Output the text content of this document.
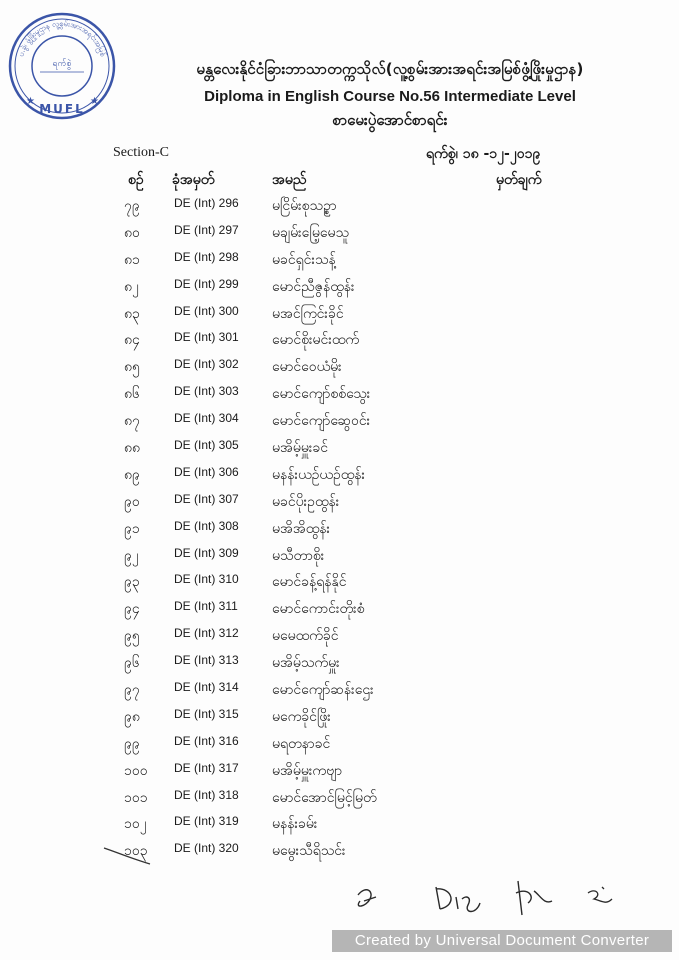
ပ.ခွဲ၊ ဖွံ့ဖြိုးမှုဌာန လူ့စွမ်းအားအရင်းအမြစ်
ရက်စွဲ
MUFL
★	★
မန္တလေးနိုင်ငံခြားဘာသာတက္ကသိုလ်(လူ့စွမ်းအားအရင်းအမြစ်ဖွံ့ဖြိုးမှုဌာန)
Diploma in English Course No.56 Intermediate Level
စာမေးပွဲအောင်စာရင်း
Section-C	ရက်စွဲ၊ ၁၈ -၁၂-၂၀၁၉
စဉ် ခုံအမှတ်	အမည်	မှတ်ချက်
၇၉	DE (Int) 296 မငြိမ်းစုသဥ္စာ
၈၀	DE (Int) 297 မချမ်းမြေ့မေသူ
၈၁	DE (Int) 298 မခင်ရှင်းသန့်
၈၂	DE (Int) 299 မောင်ညီဇွန်ထွန်း
၈၃	DE (Int) 300 မအင်ကြင်းခိုင်
၈၄	DE (Int) 301 မောင်စိုးမင်းထက်
၈၅	DE (Int) 302 မောင်ဝေယံမိုး
၈၆	DE (Int) 303 မောင်ကျော်စစ်သွေး
၈၇	DE (Int) 304 မောင်ကျော်ဆွေဝင်း
၈၈	DE (Int) 305 မအိမ့်မှူးခင်
၈၉	DE (Int) 306 မနန်းယဉ်ယဉ်ထွန်း
၉၀	DE (Int) 307 မခင်ပိုးဥထွန်း
၉၁	DE (Int) 308 မအိအိထွန်း
၉၂	DE (Int) 309 မသီတာစိုး
၉၃	DE (Int) 310 မောင်ခန့်ရန်နိုင်
၉၄	DE (Int) 311 မောင်ကောင်းတိုးစံ
၉၅	DE (Int) 312 မမေထက်ခိုင်
၉၆	DE (Int) 313 မအိမ့်သက်မှူး
၉၇	DE (Int) 314 မောင်ကျော်ဆန်းဌေး
၉၈	DE (Int) 315 မကေခိုင်ဖြိုး
၉၉	DE (Int) 316 မရတနာခင်
၁၀၀	DE (Int) 317 မအိမ့်မှူးကဗျာ
၁၀၁	DE (Int) 318 မောင်အောင်မြင့်မြတ်
၁၀၂	DE (Int) 319 မနန်းခမ်း
၁၀၃	DE (Int) 320 မမွေးသီရိသင်း
Created by Universal Document Converter
